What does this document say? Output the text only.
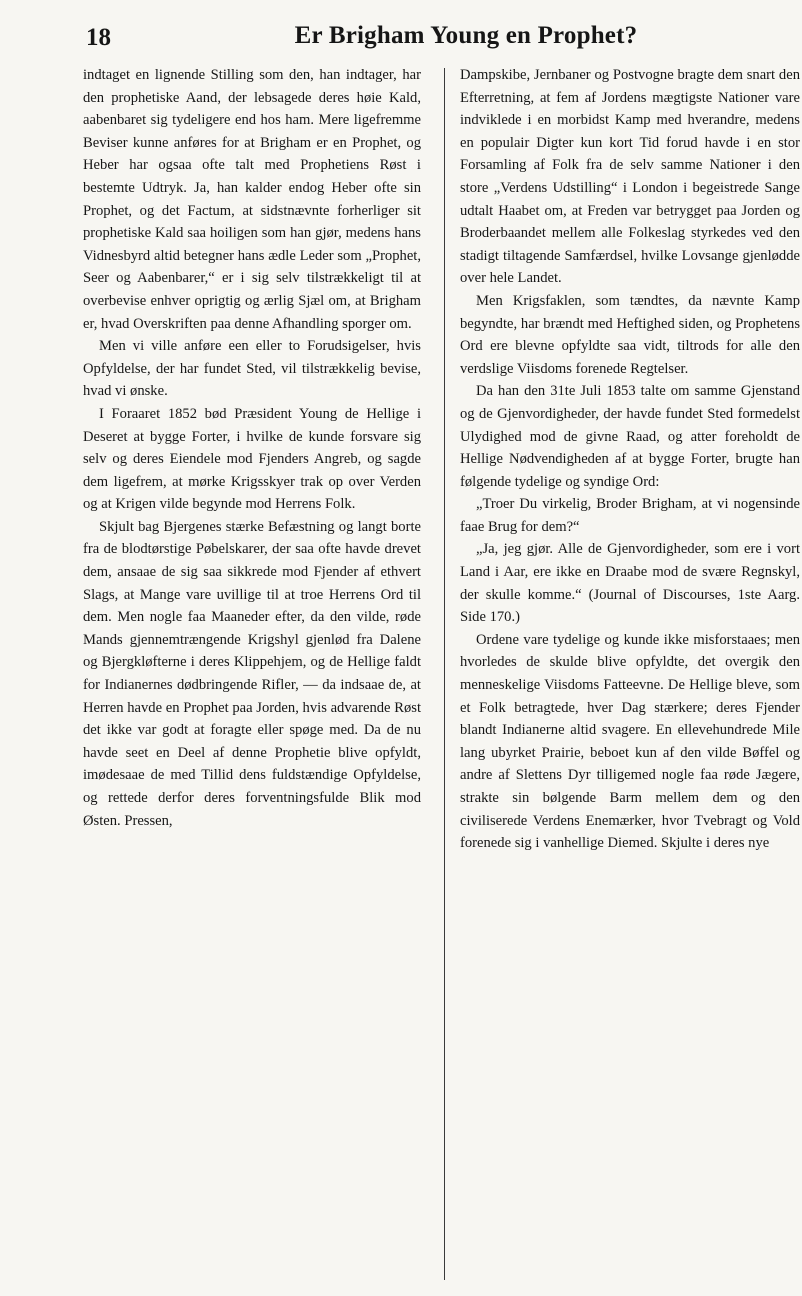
18	Er Brigham Young en Prophet?

indtaget en lignende Stilling som den, han indtager, har den prophetiske Aand, der lebsagede deres høie Kald, aabenbaret sig tydeligere end hos ham. Mere ligefremme Beviser kunne anføres for at Brigham er en Prophet, og Heber har ogsaa ofte talt med Prophetiens Røst i bestemte Udtryk. Ja, han kalder endog Heber ofte sin Prophet, og det Factum, at sidstnævnte forherliger sit prophetiske Kald saa hoiligen som han gjør, medens hans Vidnesbyrd altid betegner hans ædle Leder som „Prophet, Seer og Aabenbarer,“ er i sig selv tilstrækkeligt til at overbevise enhver oprigtig og ærlig Sjæl om, at Brigham er, hvad Overskriften paa denne Afhandling sporger om.

Men vi ville anføre een eller to Forudsigelser, hvis Opfyldelse, der har fundet Sted, vil tilstrækkelig bevise, hvad vi ønske.

I Foraaret 1852 bød Præsident Young de Hellige i Deseret at bygge Forter, i hvilke de kunde forsvare sig selv og deres Eiendele mod Fjenders Angreb, og sagde dem ligefrem, at mørke Krigsskyer trak op over Verden og at Krigen vilde begynde mod Herrens Folk.

Skjult bag Bjergenes stærke Befæstning og langt borte fra de blodtørstige Pøbelskarer, der saa ofte havde drevet dem, ansaae de sig saa sikkrede mod Fjender af ethvert Slags, at Mange vare uvillige til at troe Herrens Ord til dem. Men nogle faa Maaneder efter, da den vilde, røde Mands gjennemtrængende Krigshyl gjenlød fra Dalene og Bjergkløfterne i deres Klippehjem, og de Hellige faldt for Indianernes dødbringende Rifler, — da indsaae de, at Herren havde en Prophet paa Jorden, hvis advarende Røst det ikke var godt at foragte eller spøge med. Da de nu havde seet en Deel af denne Prophetie blive opfyldt, imødesaae de med Tillid dens fuldstændige Opfyldelse, og rettede derfor deres forventningsfulde Blik mod Østen. Pressen,

Dampskibe, Jernbaner og Postvogne bragte dem snart den Efterretning, at fem af Jordens mægtigste Nationer vare indviklede i en morbidst Kamp med hverandre, medens en populair Digter kun kort Tid forud havde i en stor Forsamling af Folk fra de selv samme Nationer i den store „Verdens Udstilling“ i London i begeistrede Sange udtalt Haabet om, at Freden var betrygget paa Jorden og Broderbaandet mellem alle Folkeslag styrkedes ved den stadigt tiltagende Samfærdsel, hvilke Lovsange gjenlødde over hele Landet.

Men Krigsfaklen, som tændtes, da nævnte Kamp begyndte, har brændt med Heftighed siden, og Prophetens Ord ere blevne opfyldte saa vidt, tiltrods for alle den verdslige Viisdoms forenede Regtelser.

Da han den 31te Juli 1853 talte om samme Gjenstand og de Gjenvordigheder, der havde fundet Sted formedelst Ulydighed mod de givne Raad, og atter foreholdt de Hellige Nødvendigheden af at bygge Forter, brugte han følgende tydelige og syndige Ord:

„Troer Du virkelig, Broder Brigham, at vi nogensinde faae Brug for dem?“

„Ja, jeg gjør. Alle de Gjenvordigheder, som ere i vort Land i Aar, ere ikke en Draabe mod de svære Regnskyl, der skulle komme.“ (Journal of Discourses, 1ste Aarg. Side 170.)

Ordene vare tydelige og kunde ikke misforstaaes; men hvorledes de skulde blive opfyldte, det overgik den menneskelige Viisdoms Fatteevne. De Hellige bleve, som et Folk betragtede, hver Dag stærkere; deres Fjender blandt Indianerne altid svagere. En ellevehundrede Mile lang ubyrket Prairie, beboet kun af den vilde Bøffel og andre af Slettens Dyr tilligemed nogle faa røde Jægere, strakte sin bølgende Barm mellem dem og den civiliserede Verdens Enemærker, hvor Tvebragt og Vold forenede sig i vanhellige Diemed. Skjulte i deres nye
